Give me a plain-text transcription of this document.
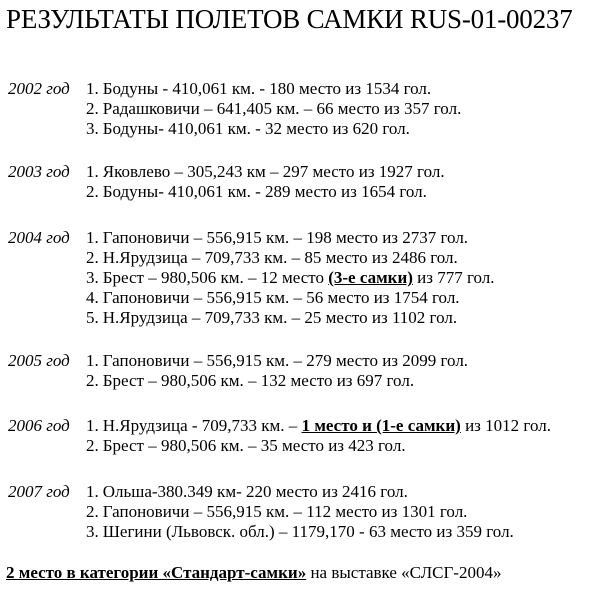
РЕЗУЛЬТАТЫ ПОЛЕТОВ САМКИ RUS-01-00237
2002 год 1. Бодуны - 410,061 км. - 180 место из 1534 гол.
2. Радашковичи – 641,405 км. – 66 место из 357 гол.
3. Бодуны- 410,061 км. - 32 место из 620 гол.
2003 год 1. Яковлево – 305,243 км – 297 место из 1927 гол.
2. Бодуны- 410,061 км. - 289 место из 1654 гол.
2004 год 1. Гапоновичи – 556,915 км. – 198 место из 2737 гол.
2. Н.Ярудзица – 709,733 км. – 85 место из 2486 гол.
3. Брест – 980,506 км. – 12 место (3-е самки) из 777 гол.
4. Гапоновичи – 556,915 км. – 56 место из 1754 гол.
5. Н.Ярудзица – 709,733 км. – 25 место из 1102 гол.
2005 год 1. Гапоновичи – 556,915 км. – 279 место из 2099 гол.
2. Брест – 980,506 км. – 132 место из 697 гол.
2006 год 1. Н.Ярудзица - 709,733 км. – 1 место и (1-е самки) из 1012 гол.
2. Брест – 980,506 км. – 35 место из 423 гол.
2007 год 1. Ольша-380.349 км- 220 место из 2416 гол.
2. Гапоновичи – 556,915 км. – 112 место из 1301 гол.
3. Шегини (Львовск. обл.) – 1179,170 - 63 место из 359 гол.
2 место в категории «Стандарт-самки» на выставке «СЛСГ-2004»
